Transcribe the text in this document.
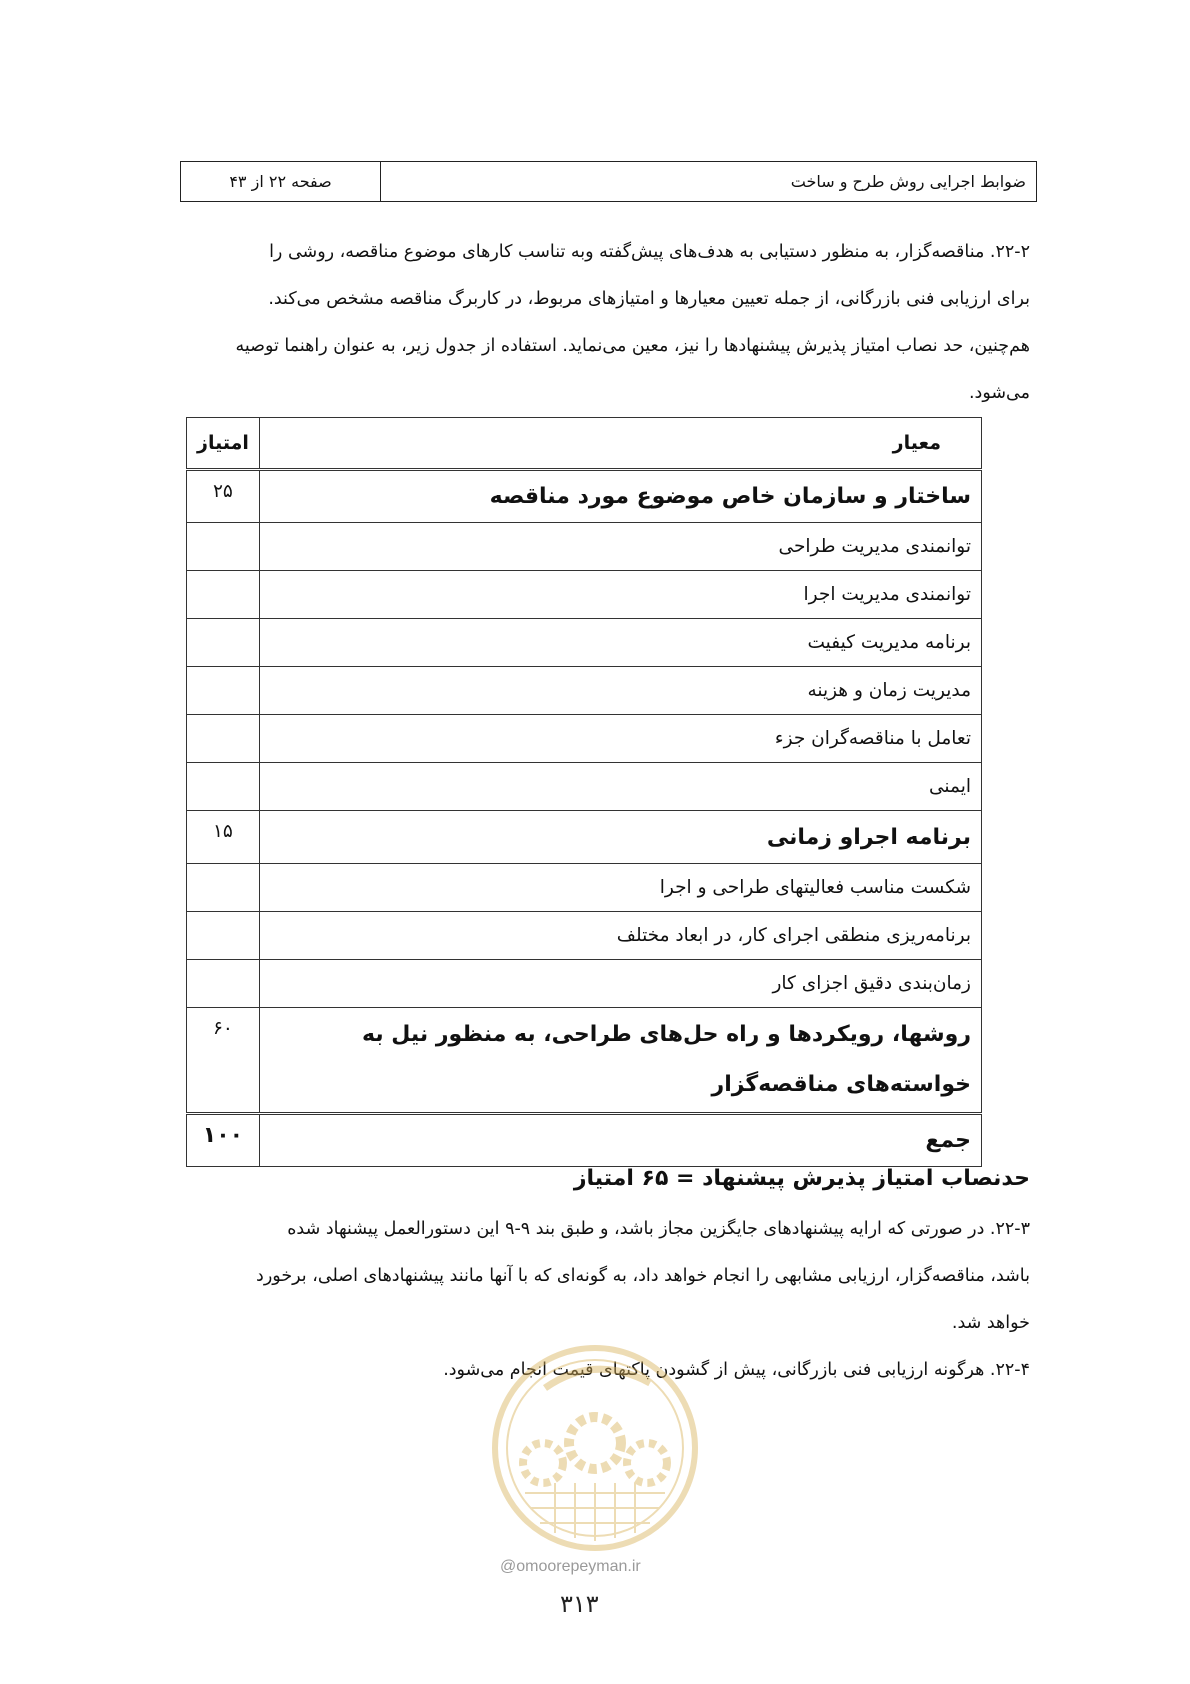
ضوابط اجرایی روش طرح و ساخت
صفحه ۲۲ از ۴۳
۲۲-۲. مناقصه‌گزار، به منظور دستیابی به هدف‌های پیش‌گفته وبه تناسب کارهای موضوع مناقصه، روشی را
برای ارزیابی فنی بازرگانی، از جمله تعیین معیارها و امتیازهای مربوط، در کاربرگ مناقصه مشخص می‌کند.
هم‌چنین، حد نصاب امتیاز پذیرش پیشنهادها را نیز، معین می‌نماید. استفاده از جدول زیر، به عنوان راهنما توصیه
می‌شود.
معیار	امتیاز
ساختار و سازمان خاص موضوع مورد مناقصه	۲۵
توانمندی مدیریت طراحی	
توانمندی مدیریت اجرا	
برنامه مدیریت کیفیت	
مدیریت زمان و هزینه	
تعامل با مناقصه‌گران جزء	
ایمنی	
برنامه اجراو زمانی	۱۵
شکست مناسب فعالیتهای طراحی و اجرا	
برنامه‌ریزی منطقی اجرای کار، در ابعاد مختلف	
زمان‌بندی دقیق اجزای کار	
روشها، رویکردها و راه حل‌های طراحی، به منظور نیل به خواسته‌های مناقصه‌گزار	۶۰
جمع	۱۰۰
حدنصاب امتیاز پذیرش پیشنهاد = ۶۵ امتیاز
۲۲-۳. در صورتی که ارایه پیشنهادهای جایگزین مجاز باشد، و طبق بند ۹-۹ این دستورالعمل پیشنهاد شده
باشد، مناقصه‌گزار، ارزیابی مشابهی را انجام خواهد داد، به گونه‌ای که با آنها مانند پیشنهادهای اصلی، برخورد
خواهد شد.
۲۲-۴. هرگونه ارزیابی فنی بازرگانی، پیش از گشودن پاکتهای قیمت انجام می‌شود.
@omoorepeyman.ir
۳۱۳
